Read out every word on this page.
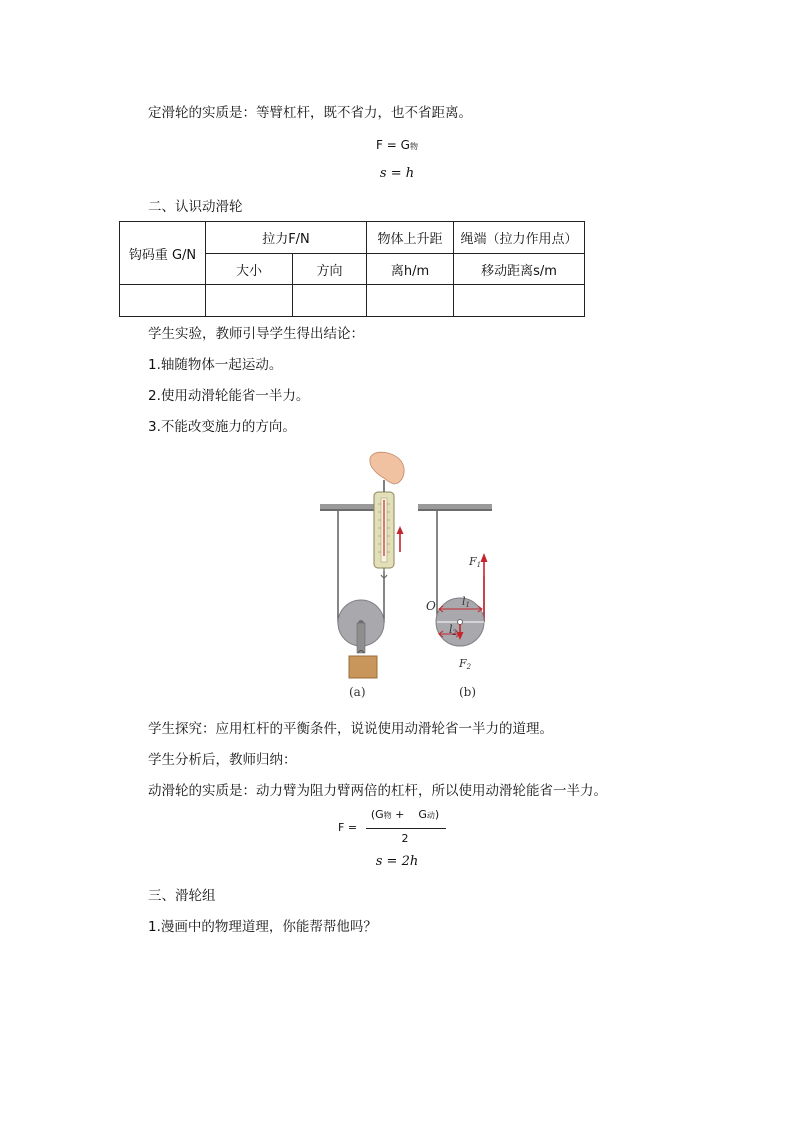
定滑轮的实质是：等臂杠杆，既不省力，也不省距离。
F = G物
s = h
二、认识动滑轮
钩码重 G/N	拉力F/N		物体上升距	绳端（拉力作用点）
	大小	方向	离h/m	移动距离s/m

学生实验，教师引导学生得出结论：
1.轴随物体一起运动。
2.使用动滑轮能省一半力。
3.不能改变施力的方向。
(a)
F1
F2
O l1
l2
(b)
学生探究：应用杠杆的平衡条件，说说使用动滑轮省一半力的道理。
学生分析后，教师归纳：
动滑轮的实质是：动力臂为阻力臂两倍的杠杆，所以使用动滑轮能省一半力。
F =
(G物 +    G动)
2
s = 2h
三、滑轮组
1.漫画中的物理道理，你能帮帮他吗？
